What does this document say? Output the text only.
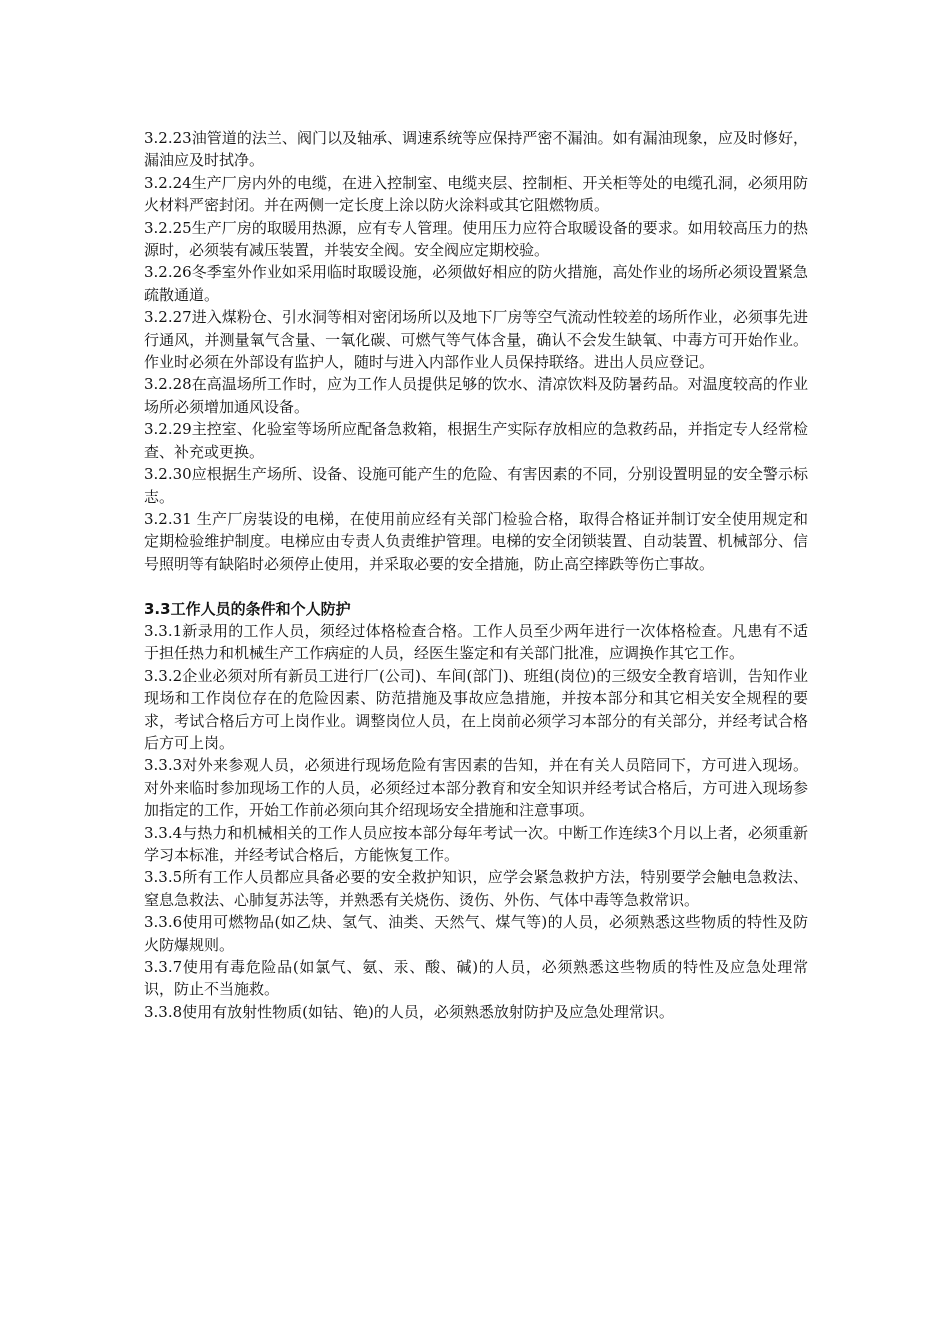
3.2.23油管道的法兰、阀门以及轴承、调速系统等应保持严密不漏油。如有漏油现象，应及时修好，漏油应及时拭净。

3.2.24生产厂房内外的电缆，在进入控制室、电缆夹层、控制柜、开关柜等处的电缆孔洞，必须用防火材料严密封闭。并在两侧一定长度上涂以防火涂料或其它阻燃物质。

3.2.25生产厂房的取暖用热源，应有专人管理。使用压力应符合取暖设备的要求。如用较高压力的热源时，必须装有减压装置，并装安全阀。安全阀应定期校验。

3.2.26冬季室外作业如采用临时取暖设施，必须做好相应的防火措施，高处作业的场所必须设置紧急疏散通道。

3.2.27进入煤粉仓、引水洞等相对密闭场所以及地下厂房等空气流动性较差的场所作业，必须事先进行通风，并测量氧气含量、一氧化碳、可燃气等气体含量，确认不会发生缺氧、中毒方可开始作业。作业时必须在外部设有监护人，随时与进入内部作业人员保持联络。进出人员应登记。

3.2.28在高温场所工作时，应为工作人员提供足够的饮水、清凉饮料及防暑药品。对温度较高的作业场所必须增加通风设备。

3.2.29主控室、化验室等场所应配备急救箱，根据生产实际存放相应的急救药品，并指定专人经常检查、补充或更换。

3.2.30应根据生产场所、设备、设施可能产生的危险、有害因素的不同，分别设置明显的安全警示标志。

3.2.31 生产厂房装设的电梯，在使用前应经有关部门检验合格，取得合格证并制订安全使用规定和定期检验维护制度。电梯应由专责人负责维护管理。电梯的安全闭锁装置、自动装置、机械部分、信号照明等有缺陷时必须停止使用，并采取必要的安全措施，防止高空摔跌等伤亡事故。

3.3工作人员的条件和个人防护

3.3.1新录用的工作人员，须经过体格检查合格。工作人员至少两年进行一次体格检查。凡患有不适于担任热力和机械生产工作病症的人员，经医生鉴定和有关部门批准，应调换作其它工作。

3.3.2企业必须对所有新员工进行厂(公司)、车间(部门)、班组(岗位)的三级安全教育培训，告知作业现场和工作岗位存在的危险因素、防范措施及事故应急措施，并按本部分和其它相关安全规程的要求，考试合格后方可上岗作业。调整岗位人员，在上岗前必须学习本部分的有关部分，并经考试合格后方可上岗。

3.3.3对外来参观人员，必须进行现场危险有害因素的告知，并在有关人员陪同下，方可进入现场。对外来临时参加现场工作的人员，必须经过本部分教育和安全知识并经考试合格后，方可进入现场参加指定的工作，开始工作前必须向其介绍现场安全措施和注意事项。

3.3.4与热力和机械相关的工作人员应按本部分每年考试一次。中断工作连续3个月以上者，必须重新学习本标准，并经考试合格后，方能恢复工作。

3.3.5所有工作人员都应具备必要的安全救护知识，应学会紧急救护方法，特别要学会触电急救法、窒息急救法、心肺复苏法等，并熟悉有关烧伤、烫伤、外伤、气体中毒等急救常识。

3.3.6使用可燃物品(如乙炔、氢气、油类、天然气、煤气等)的人员，必须熟悉这些物质的特性及防火防爆规则。

3.3.7使用有毒危险品(如氯气、氨、汞、酸、碱)的人员，必须熟悉这些物质的特性及应急处理常识，防止不当施救。

3.3.8使用有放射性物质(如钴、铯)的人员，必须熟悉放射防护及应急处理常识。
